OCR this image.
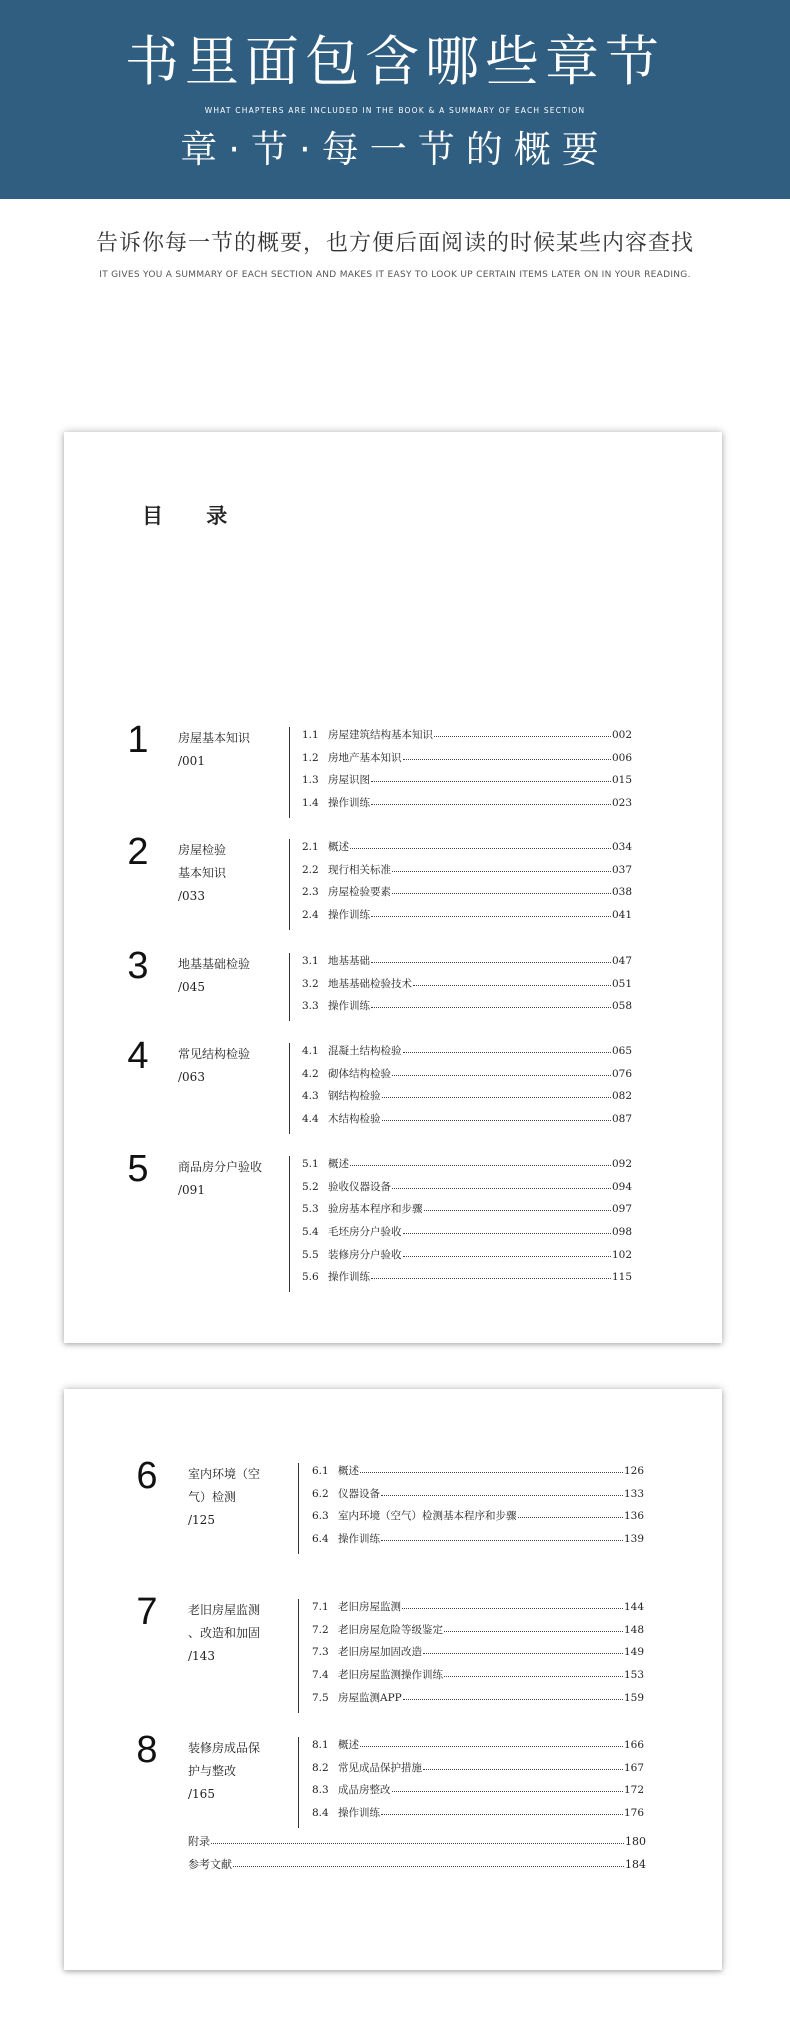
书里面包含哪些章节
WHAT CHAPTERS ARE INCLUDED IN THE BOOK & A SUMMARY OF EACH SECTION
章·节·每一节的概要
告诉你每一节的概要，也方便后面阅读的时候某些内容查找
IT GIVES YOU A SUMMARY OF EACH SECTION AND MAKES IT EASY TO LOOK UP CERTAIN ITEMS LATER ON IN YOUR READING.
目 录
1	房屋基本知识
/001
1.1 房屋建筑结构基本知识	002
1.2 房地产基本知识	006
1.3 房屋识图	015
1.4 操作训练	023
2	房屋检验
基本知识
/033
2.1 概述	034
2.2 现行相关标准	037
2.3 房屋检验要素	038
2.4 操作训练	041
3	地基基础检验
/045
3.1 地基基础	047
3.2 地基基础检验技术	051
3.3 操作训练	058
4	常见结构检验
/063
4.1 混凝土结构检验	065
4.2 砌体结构检验	076
4.3 钢结构检验	082
4.4 木结构检验	087
5	商品房分户验收
/091
5.1 概述	092
5.2 验收仪器设备	094
5.3 验房基本程序和步骤	097
5.4 毛坯房分户验收	098
5.5 装修房分户验收	102
5.6 操作训练	115
6	室内环境（空
气）检测
/125
6.1 概述	126
6.2 仪器设备	133
6.3 室内环境（空气）检测基本程序和步骤	136
6.4 操作训练	139
7	老旧房屋监测
、改造和加固
/143
7.1 老旧房屋监测	144
7.2 老旧房屋危险等级鉴定	148
7.3 老旧房屋加固改造	149
7.4 老旧房屋监测操作训练	153
7.5 房屋监测APP	159
8	装修房成品保
护与整改
/165
8.1 概述	166
8.2 常见成品保护措施	167
8.3 成品房整改	172
8.4 操作训练	176
附录	180
参考文献	184
